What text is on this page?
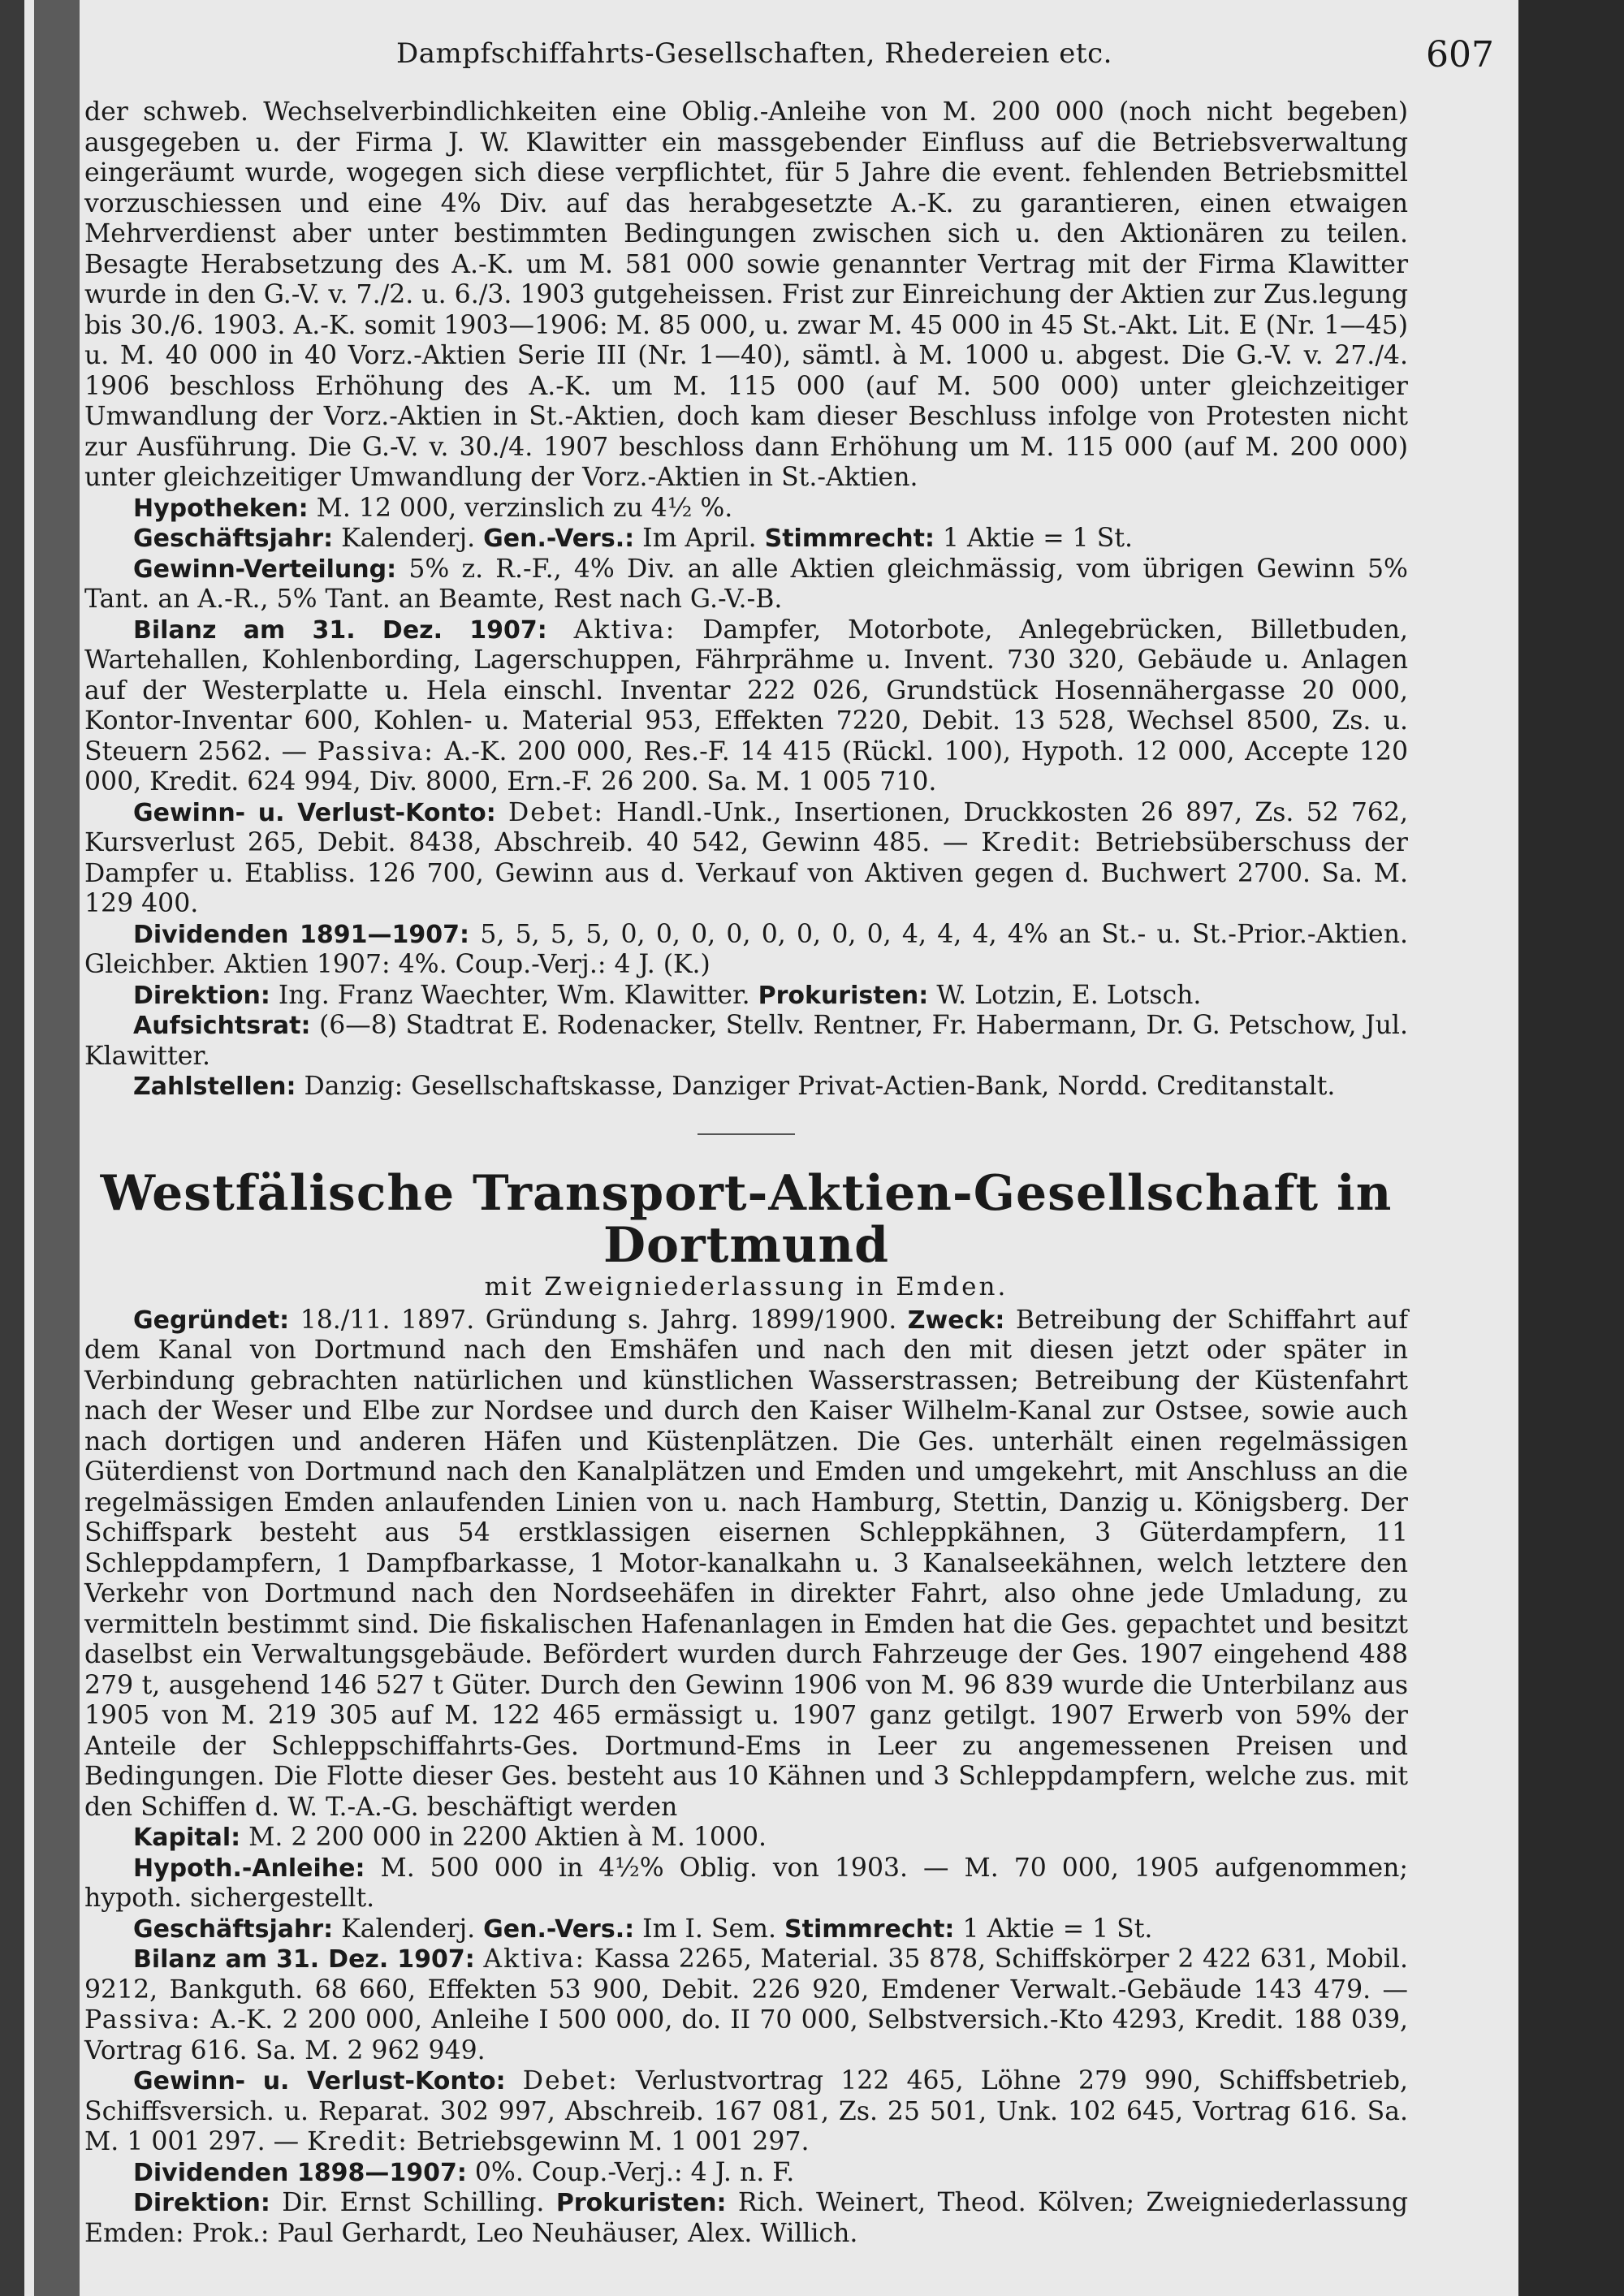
Dampfschiffahrts-Gesellschaften, Rhedereien etc.	607

der schweb. Wechselverbindlichkeiten eine Oblig.-Anleihe von M. 200 000 (noch nicht begeben) ausgegeben u. der Firma J. W. Klawitter ein massgebender Einfluss auf die Betriebsverwaltung eingeräumt wurde, wogegen sich diese verpflichtet, für 5 Jahre die event. fehlenden Betriebsmittel vorzuschiessen und eine 4% Div. auf das herabgesetzte A.-K. zu garantieren, einen etwaigen Mehrverdienst aber unter bestimmten Bedingungen zwischen sich u. den Aktionären zu teilen. Besagte Herabsetzung des A.-K. um M. 581 000 sowie genannter Vertrag mit der Firma Klawitter wurde in den G.-V. v. 7./2. u. 6./3. 1903 gutgeheissen. Frist zur Einreichung der Aktien zur Zus.legung bis 30./6. 1903. A.-K. somit 1903—1906: M. 85 000, u. zwar M. 45 000 in 45 St.-Akt. Lit. E (Nr. 1—45) u. M. 40 000 in 40 Vorz.-Aktien Serie III (Nr. 1—40), sämtl. à M. 1000 u. abgest. Die G.-V. v. 27./4. 1906 beschloss Erhöhung des A.-K. um M. 115 000 (auf M. 500 000) unter gleichzeitiger Umwandlung der Vorz.-Aktien in St.-Aktien, doch kam dieser Beschluss infolge von Protesten nicht zur Ausführung. Die G.-V. v. 30./4. 1907 beschloss dann Erhöhung um M. 115 000 (auf M. 200 000) unter gleichzeitiger Umwandlung der Vorz.-Aktien in St.-Aktien.

Hypotheken: M. 12 000, verzinslich zu 4½ %.

Geschäftsjahr: Kalenderj. Gen.-Vers.: Im April. Stimmrecht: 1 Aktie = 1 St.

Gewinn-Verteilung: 5% z. R.-F., 4% Div. an alle Aktien gleichmässig, vom übrigen Gewinn 5% Tant. an A.-R., 5% Tant. an Beamte, Rest nach G.-V.-B.

Bilanz am 31. Dez. 1907: Aktiva: Dampfer, Motorbote, Anlegebrücken, Billetbuden, Wartehallen, Kohlenbording, Lagerschuppen, Fährprähme u. Invent. 730 320, Gebäude u. Anlagen auf der Westerplatte u. Hela einschl. Inventar 222 026, Grundstück Hosennähergasse 20 000, Kontor-Inventar 600, Kohlen- u. Material 953, Effekten 7220, Debit. 13 528, Wechsel 8500, Zs. u. Steuern 2562. — Passiva: A.-K. 200 000, Res.-F. 14 415 (Rückl. 100), Hypoth. 12 000, Accepte 120 000, Kredit. 624 994, Div. 8000, Ern.-F. 26 200. Sa. M. 1 005 710.

Gewinn- u. Verlust-Konto: Debet: Handl.-Unk., Insertionen, Druckkosten 26 897, Zs. 52 762, Kursverlust 265, Debit. 8438, Abschreib. 40 542, Gewinn 485. — Kredit: Betriebsüberschuss der Dampfer u. Etabliss. 126 700, Gewinn aus d. Verkauf von Aktiven gegen d. Buchwert 2700. Sa. M. 129 400.

Dividenden 1891—1907: 5, 5, 5, 5, 0, 0, 0, 0, 0, 0, 0, 0, 4, 4, 4, 4% an St.- u. St.-Prior.-Aktien. Gleichber. Aktien 1907: 4%. Coup.-Verj.: 4 J. (K.)

Direktion: Ing. Franz Waechter, Wm. Klawitter. Prokuristen: W. Lotzin, E. Lotsch.

Aufsichtsrat: (6—8) Stadtrat E. Rodenacker, Stellv. Rentner, Fr. Habermann, Dr. G. Petschow, Jul. Klawitter.

Zahlstellen: Danzig: Gesellschaftskasse, Danziger Privat-Actien-Bank, Nordd. Creditanstalt.

Westfälische Transport-Aktien-Gesellschaft in Dortmund

mit Zweigniederlassung in Emden.

Gegründet: 18./11. 1897. Gründung s. Jahrg. 1899/1900. Zweck: Betreibung der Schiffahrt auf dem Kanal von Dortmund nach den Emshäfen und nach den mit diesen jetzt oder später in Verbindung gebrachten natürlichen und künstlichen Wasserstrassen; Betreibung der Küstenfahrt nach der Weser und Elbe zur Nordsee und durch den Kaiser Wilhelm-Kanal zur Ostsee, sowie auch nach dortigen und anderen Häfen und Küstenplätzen. Die Ges. unterhält einen regelmässigen Güterdienst von Dortmund nach den Kanalplätzen und Emden und umgekehrt, mit Anschluss an die regelmässigen Emden anlaufenden Linien von u. nach Hamburg, Stettin, Danzig u. Königsberg. Der Schiffspark besteht aus 54 erstklassigen eisernen Schleppkähnen, 3 Güterdampfern, 11 Schleppdampfern, 1 Dampfbarkasse, 1 Motor-kanalkahn u. 3 Kanalseekähnen, welch letztere den Verkehr von Dortmund nach den Nordseehäfen in direkter Fahrt, also ohne jede Umladung, zu vermitteln bestimmt sind. Die fiskalischen Hafenanlagen in Emden hat die Ges. gepachtet und besitzt daselbst ein Verwaltungsgebäude. Befördert wurden durch Fahrzeuge der Ges. 1907 eingehend 488 279 t, ausgehend 146 527 t Güter. Durch den Gewinn 1906 von M. 96 839 wurde die Unterbilanz aus 1905 von M. 219 305 auf M. 122 465 ermässigt u. 1907 ganz getilgt. 1907 Erwerb von 59% der Anteile der Schleppschiffahrts-Ges. Dortmund-Ems in Leer zu angemessenen Preisen und Bedingungen. Die Flotte dieser Ges. besteht aus 10 Kähnen und 3 Schleppdampfern, welche zus. mit den Schiffen d. W. T.-A.-G. beschäftigt werden

Kapital: M. 2 200 000 in 2200 Aktien à M. 1000.

Hypoth.-Anleihe: M. 500 000 in 4½% Oblig. von 1903. — M. 70 000, 1905 aufgenommen; hypoth. sichergestellt.

Geschäftsjahr: Kalenderj. Gen.-Vers.: Im I. Sem. Stimmrecht: 1 Aktie = 1 St.

Bilanz am 31. Dez. 1907: Aktiva: Kassa 2265, Material. 35 878, Schiffskörper 2 422 631, Mobil. 9212, Bankguth. 68 660, Effekten 53 900, Debit. 226 920, Emdener Verwalt.-Gebäude 143 479. — Passiva: A.-K. 2 200 000, Anleihe I 500 000, do. II 70 000, Selbstversich.-Kto 4293, Kredit. 188 039, Vortrag 616. Sa. M. 2 962 949.

Gewinn- u. Verlust-Konto: Debet: Verlustvortrag 122 465, Löhne 279 990, Schiffsbetrieb, Schiffsversich. u. Reparat. 302 997, Abschreib. 167 081, Zs. 25 501, Unk. 102 645, Vortrag 616. Sa. M. 1 001 297. — Kredit: Betriebsgewinn M. 1 001 297.

Dividenden 1898—1907: 0%. Coup.-Verj.: 4 J. n. F.

Direktion: Dir. Ernst Schilling. Prokuristen: Rich. Weinert, Theod. Kölven; Zweigniederlassung Emden: Prok.: Paul Gerhardt, Leo Neuhäuser, Alex. Willich.
